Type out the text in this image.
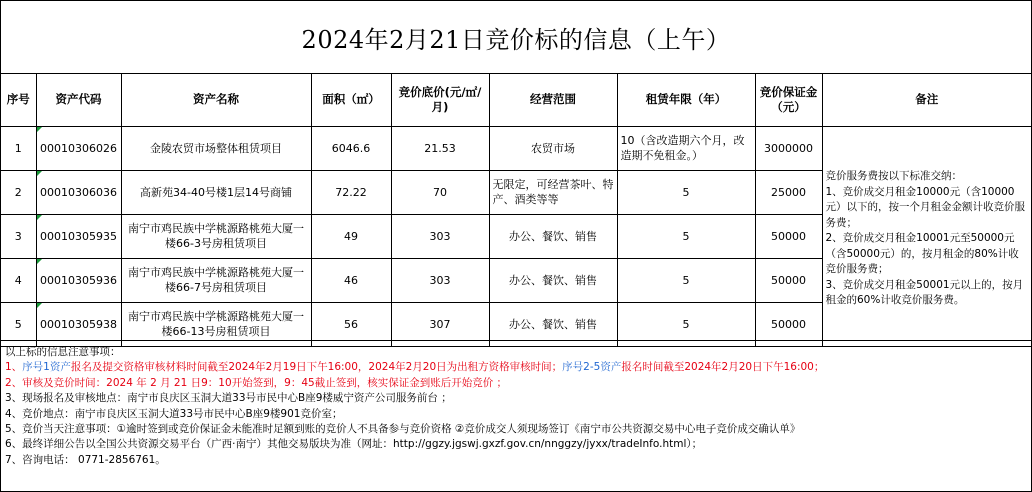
2024年2月21日竞价标的信息（上午）
序号	资产代码	资产名称	面积（㎡）	竞价底价(元/㎡/月)	经营范围	租赁年限（年）	竞价保证金（元）	备注
1	00010306026	金陵农贸市场整体租赁项目	6046.6	21.53	农贸市场	10（含改造期六个月，改造期不免租金。）	3000000	竞价服务费按以下标准交纳：
1、竞价成交月租金10000元（含10000元）以下的，按一个月租金金额计收竞价服务费；
2、竞价成交月租金10001元至50000元（含50000元）的，按月租金的80%计收竞价服务费；
3、竞价成交月租金50001元以上的，按月租金的60%计收竞价服务费。
2	00010306036	高新苑34-40号楼1层14号商铺	72.22	70	无限定，可经营茶叶、特产、酒类等等	5	25000	
3	00010305935	南宁市鸡民族中学桃源路桃苑大厦一楼66-3号房租赁项目	49	303	办公、餐饮、销售	5	50000	
4	00010305936	南宁市鸡民族中学桃源路桃苑大厦一楼66-7号房租赁项目	46	303	办公、餐饮、销售	5	50000	
5	00010305938	南宁市鸡民族中学桃源路桃苑大厦一楼66-13号房租赁项目	56	307	办公、餐饮、销售	5	50000	
以上标的信息注意事项：
1、序号1资产报名及提交资格审核材料时间截至2024年2月19日下午16:00，2024年2月20日为出租方资格审核时间；序号2-5资产报名时间截至2024年2月20日下午16:00；
2、审核及竞价时间：2024 年 2 月 21 日9：10开始签到，9：45截止签到，核实保证金到账后开始竞价 ；
3、现场报名及审核地点：南宁市良庆区玉洞大道33号市民中心B座9楼威宁资产公司服务前台 ；
4、竞价地点：南宁市良庆区玉洞大道33号市民中心B座9楼901竞价室；
5、竞价当天注意事项：①逾时签到或竞价保证金未能准时足额到账的竞价人不具备参与竞价资格 ②竞价成交人须现场签订《南宁市公共资源交易中心电子竞价成交确认单》
6、最终详细公告以全国公共资源交易平台（广西·南宁）其他交易版块为准（网址：http://ggzy.jgswj.gxzf.gov.cn/nnggzy/jyxx/tradeInfo.html）；
7、咨询电话： 0771-2856761。
